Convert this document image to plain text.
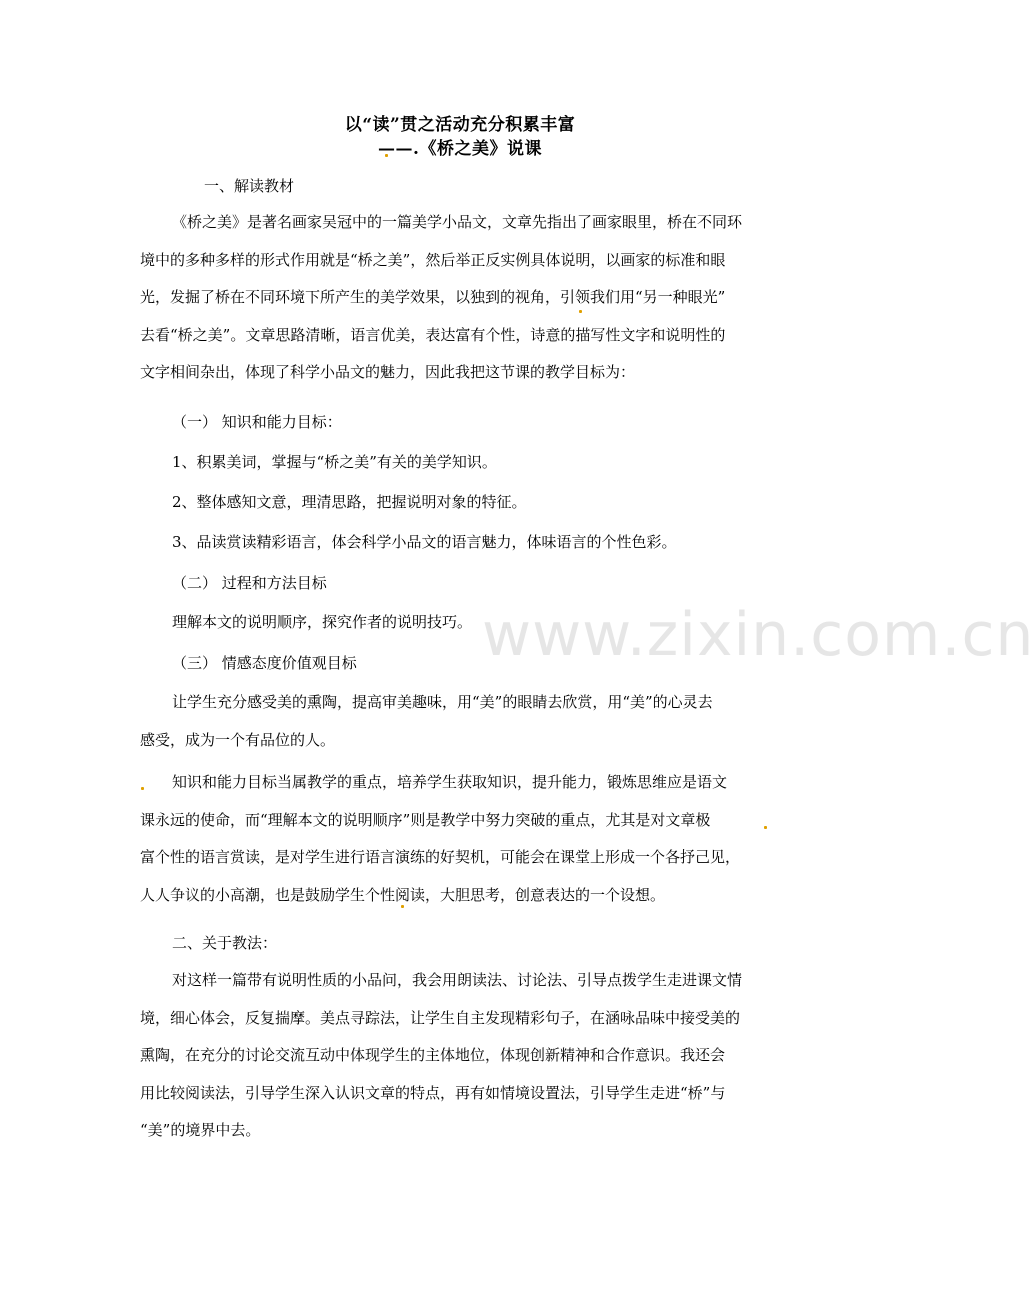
www.zixin.com.cn
以“读”贯之活动充分积累丰富
——.《桥之美》说课
一、解读教材
《桥之美》是著名画家吴冠中的一篇美学小品文，文章先指出了画家眼里，桥在不同环
境中的多种多样的形式作用就是“桥之美”，然后举正反实例具体说明，以画家的标准和眼
光，发掘了桥在不同环境下所产生的美学效果，以独到的视角，引领我们用“另一种眼光”
去看“桥之美”。文章思路清晰，语言优美，表达富有个性，诗意的描写性文字和说明性的
文字相间杂出，体现了科学小品文的魅力，因此我把这节课的教学目标为：
（一） 知识和能力目标：
1、积累美词，掌握与“桥之美”有关的美学知识。
2、整体感知文意，理清思路，把握说明对象的特征。
3、品读赏读精彩语言，体会科学小品文的语言魅力，体味语言的个性色彩。
（二） 过程和方法目标
理解本文的说明顺序，探究作者的说明技巧。
（三） 情感态度价值观目标
让学生充分感受美的熏陶，提高审美趣味，用“美”的眼睛去欣赏，用“美”的心灵去
感受，成为一个有品位的人。
知识和能力目标当属教学的重点，培养学生获取知识，提升能力，锻炼思维应是语文
课永远的使命，而“理解本文的说明顺序”则是教学中努力突破的重点，尤其是对文章极
富个性的语言赏读，是对学生进行语言演练的好契机，可能会在课堂上形成一个各抒己见，
人人争议的小高潮，也是鼓励学生个性阅读，大胆思考，创意表达的一个设想。
二、关于教法：
对这样一篇带有说明性质的小品问，我会用朗读法、讨论法、引导点拨学生走进课文情
境，细心体会，反复揣摩。美点寻踪法，让学生自主发现精彩句子，在涵咏品味中接受美的
熏陶，在充分的讨论交流互动中体现学生的主体地位，体现创新精神和合作意识。我还会
用比较阅读法，引导学生深入认识文章的特点，再有如情境设置法，引导学生走进“桥”与
“美”的境界中去。
